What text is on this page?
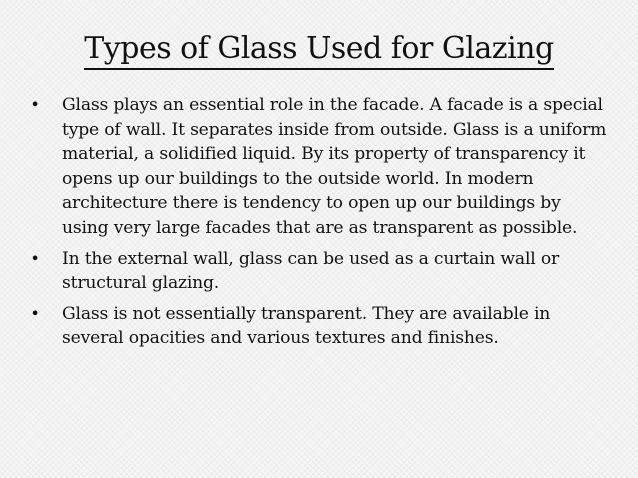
Types of Glass Used for Glazing
• Glass plays an essential role in the facade. A facade is a special type of wall. It separates inside from outside. Glass is a uniform material, a solidified liquid. By its property of transparency it opens up our buildings to the outside world. In modern architecture there is tendency to open up our buildings by using very large facades that are as transparent as possible.
• In the external wall, glass can be used as a curtain wall or structural glazing.
• Glass is not essentially transparent. They are available in several opacities and various textures and finishes.
